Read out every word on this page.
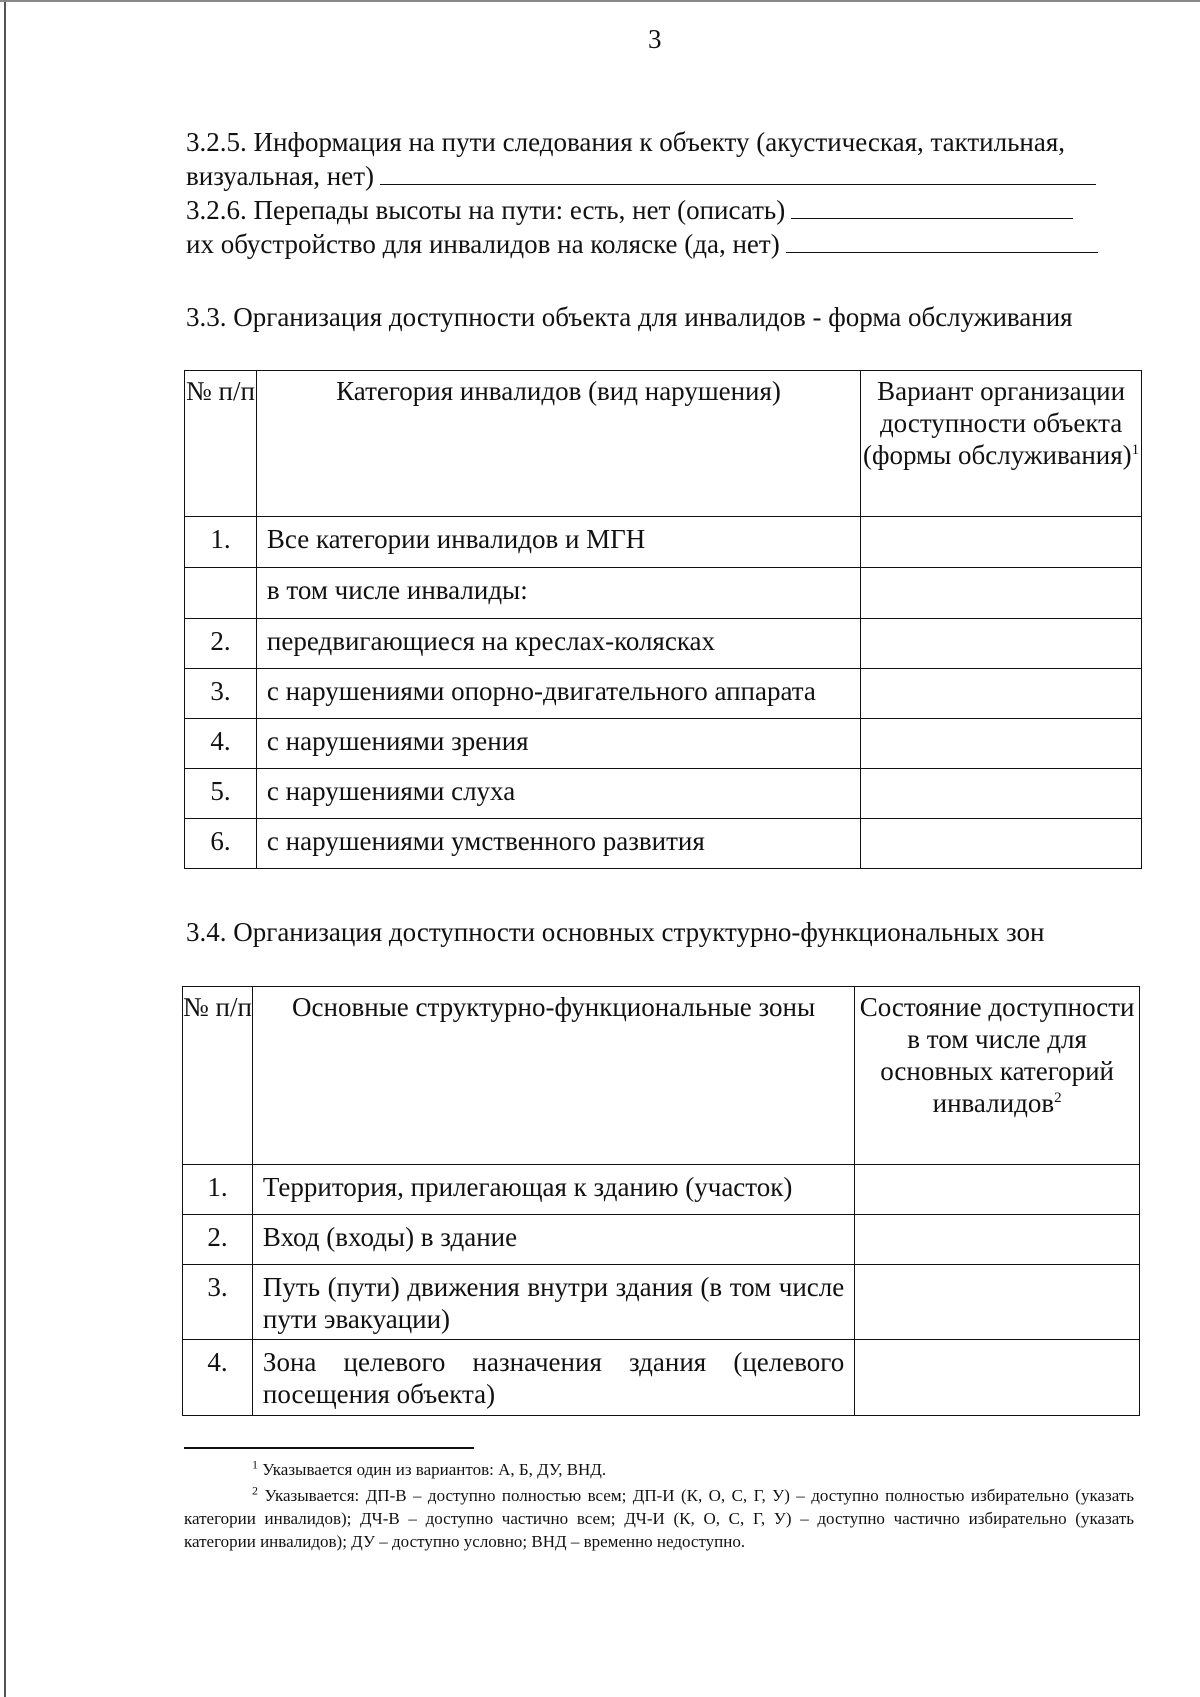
3
3.2.5. Информация на пути следования к объекту (акустическая, тактильная,
визуальная, нет)
3.2.6. Перепады высоты на пути: есть, нет (описать)
их обустройство для инвалидов на коляске (да, нет)
3.3. Организация доступности объекта для инвалидов - форма обслуживания
№ п/п	Категория инвалидов (вид нарушения)	Вариант организации доступности объекта (формы обслуживания)$^1$
1.	Все категории инвалидов и МГН	
	в том числе инвалиды:	
2.	передвигающиеся на креслах-колясках	
3.	с нарушениями опорно-двигательного аппарата	
4.	с нарушениями зрения	
5.	с нарушениями слуха	
6.	с нарушениями умственного развития	
3.4. Организация доступности основных структурно-функциональных зон
№ п/п	Основные структурно-функциональные зоны	Состояние доступности в том числе для основных категорий инвалидов$^2$
1.	Территория, прилегающая к зданию (участок)	
2.	Вход (входы) в здание	
3.	Путь (пути) движения внутри здания (в том числе пути эвакуации)	
4.	Зона целевого назначения здания (целевого посещения объекта)	
$^1$ Указывается один из вариантов: А, Б, ДУ, ВНД.
$^2$ Указывается: ДП-В – доступно полностью всем; ДП-И (К, О, С, Г, У) – доступно полностью избирательно (указать категории инвалидов); ДЧ-В – доступно частично всем; ДЧ-И (К, О, С, Г, У) – доступно частично избирательно (указать категории инвалидов); ДУ – доступно условно; ВНД – временно недоступно.
